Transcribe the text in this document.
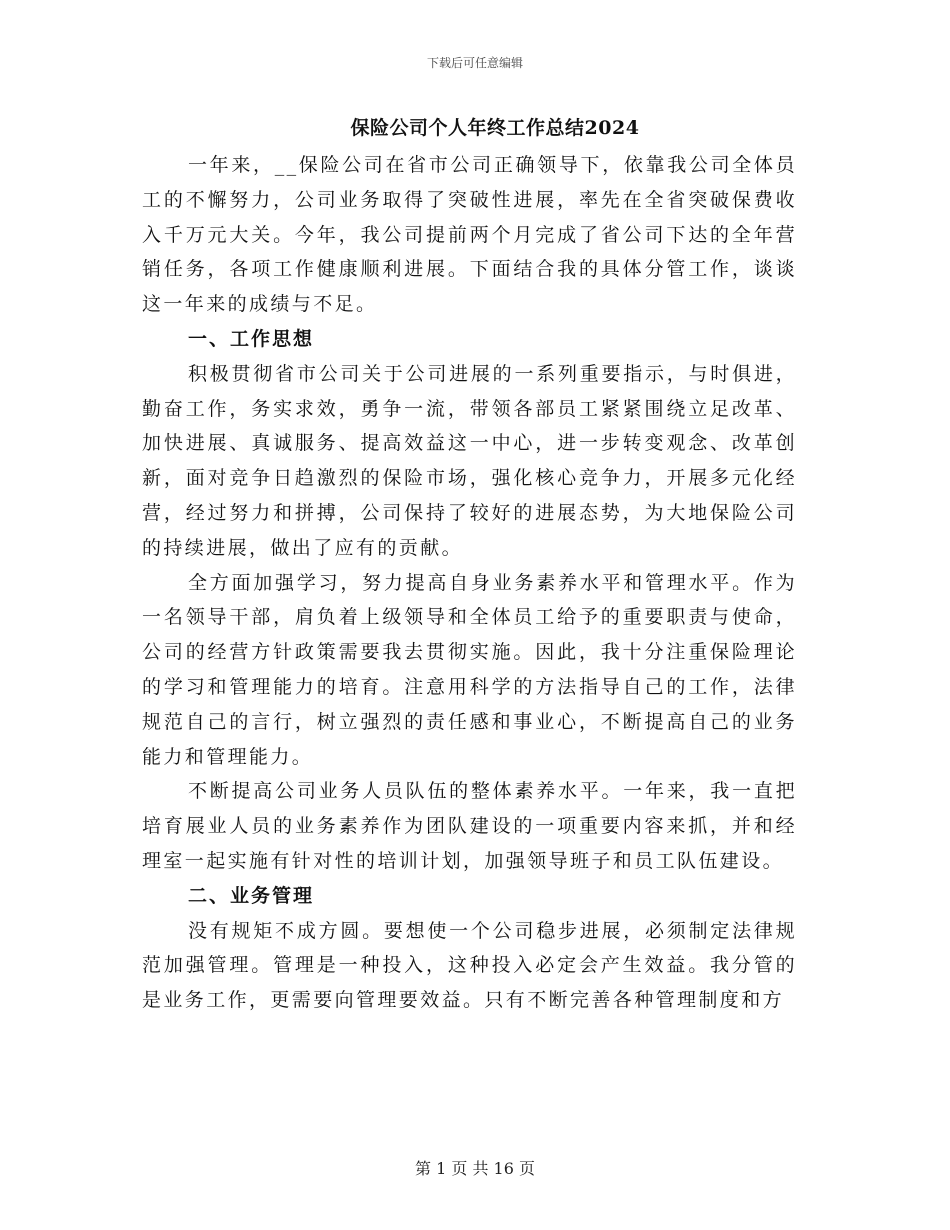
下载后可任意编辑
保险公司个人年终工作总结2024

一年来，__保险公司在省市公司正确领导下，依靠我公司全体员工的不懈努力，公司业务取得了突破性进展，率先在全省突破保费收入千万元大关。今年，我公司提前两个月完成了省公司下达的全年营销任务，各项工作健康顺利进展。下面结合我的具体分管工作，谈谈这一年来的成绩与不足。

一、工作思想

积极贯彻省市公司关于公司进展的一系列重要指示，与时俱进，勤奋工作，务实求效，勇争一流，带领各部员工紧紧围绕立足改革、加快进展、真诚服务、提高效益这一中心，进一步转变观念、改革创新，面对竞争日趋激烈的保险市场，强化核心竞争力，开展多元化经营，经过努力和拼搏，公司保持了较好的进展态势，为大地保险公司的持续进展，做出了应有的贡献。

全方面加强学习，努力提高自身业务素养水平和管理水平。作为一名领导干部，肩负着上级领导和全体员工给予的重要职责与使命，公司的经营方针政策需要我去贯彻实施。因此，我十分注重保险理论的学习和管理能力的培育。注意用科学的方法指导自己的工作，法律规范自己的言行，树立强烈的责任感和事业心，不断提高自己的业务能力和管理能力。

不断提高公司业务人员队伍的整体素养水平。一年来，我一直把培育展业人员的业务素养作为团队建设的一项重要内容来抓，并和经理室一起实施有针对性的培训计划，加强领导班子和员工队伍建设。

二、业务管理

没有规矩不成方圆。要想使一个公司稳步进展，必须制定法律规范加强管理。管理是一种投入，这种投入必定会产生效益。我分管的是业务工作，更需要向管理要效益。只有不断完善各种管理制度和方

第 1 页 共 16 页
